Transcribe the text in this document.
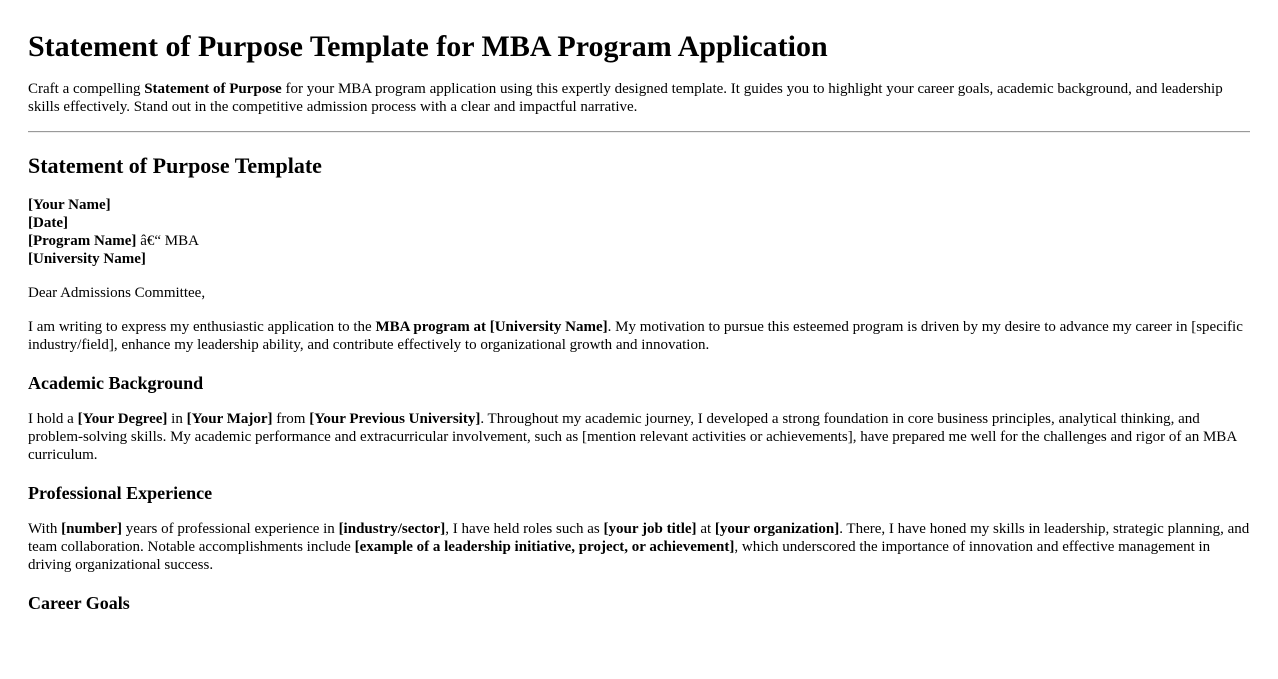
Statement of Purpose Template for MBA Program Application

Craft a compelling Statement of Purpose for your MBA program application using this expertly designed template. It guides you to highlight your career goals, academic background, and leadership skills effectively. Stand out in the competitive admission process with a clear and impactful narrative.

Statement of Purpose Template
[Your Name]
[Date]
[Program Name] â€“ MBA
[University Name]

Dear Admissions Committee,

I am writing to express my enthusiastic application to the MBA program at [University Name]. My motivation to pursue this esteemed program is driven by my desire to advance my career in [specific industry/field], enhance my leadership ability, and contribute effectively to organizational growth and innovation.

Academic Background

I hold a [Your Degree] in [Your Major] from [Your Previous University]. Throughout my academic journey, I developed a strong foundation in core business principles, analytical thinking, and problem-solving skills. My academic performance and extracurricular involvement, such as [mention relevant activities or achievements], have prepared me well for the challenges and rigor of an MBA curriculum.

Professional Experience

With [number] years of professional experience in [industry/sector], I have held roles such as [your job title] at [your organization]. There, I have honed my skills in leadership, strategic planning, and team collaboration. Notable accomplishments include [example of a leadership initiative, project, or achievement], which underscored the importance of innovation and effective management in driving organizational success.

Career Goals
